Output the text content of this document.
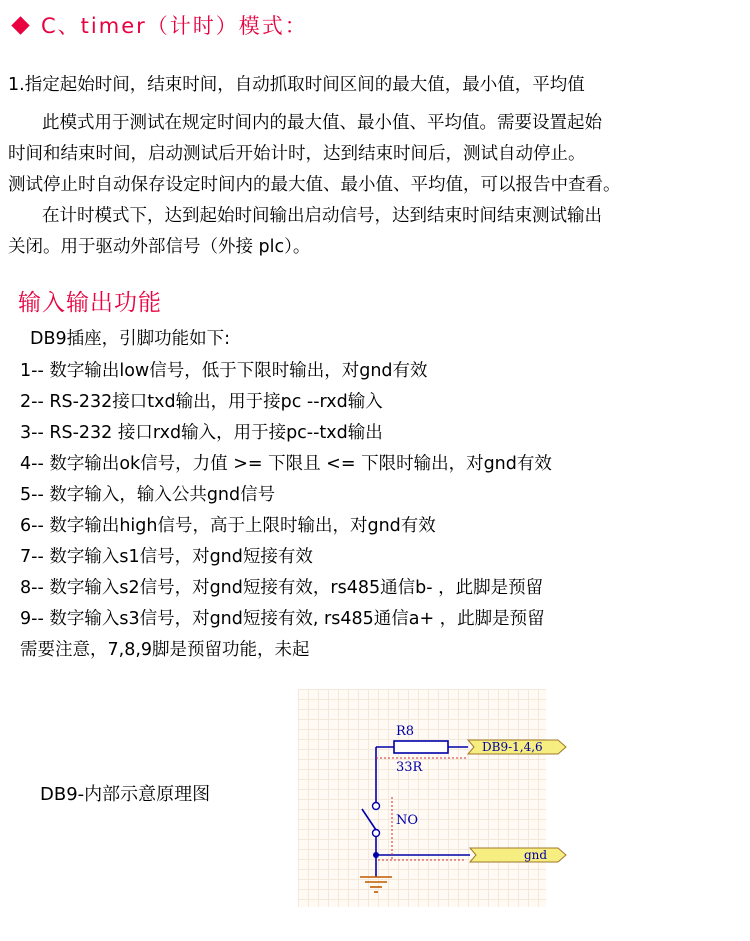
C、timer（计时）模式：
1.指定起始时间，结束时间，自动抓取时间区间的最大值，最小值，平均值
此模式用于测试在规定时间内的最大值、最小值、平均值。需要设置起始
时间和结束时间，启动测试后开始计时，达到结束时间后，测试自动停止。
测试停止时自动保存设定时间内的最大值、最小值、平均值，可以报告中查看。
在计时模式下，达到起始时间输出启动信号，达到结束时间结束测试输出
关闭。用于驱动外部信号（外接 plc）。
输入输出功能
DB9插座，引脚功能如下:
1-- 数字输出low信号，低于下限时输出，对gnd有效
2-- RS-232接口txd输出，用于接pc --rxd输入
3-- RS-232 接口rxd输入，用于接pc--txd输出
4-- 数字输出ok信号，力值 >= 下限且 <= 下限时输出，对gnd有效
5-- 数字输入，输入公共gnd信号
6-- 数字输出high信号，高于上限时输出，对gnd有效
7-- 数字输入s1信号，对gnd短接有效
8-- 数字输入s2信号，对gnd短接有效，rs485通信b- ，此脚是预留
9-- 数字输入s3信号，对gnd短接有效, rs485通信a+ ，此脚是预留
需要注意，7,8,9脚是预留功能，未起
DB9-内部示意原理图
R8
33R
NO
DB9-1,4,6
gnd
